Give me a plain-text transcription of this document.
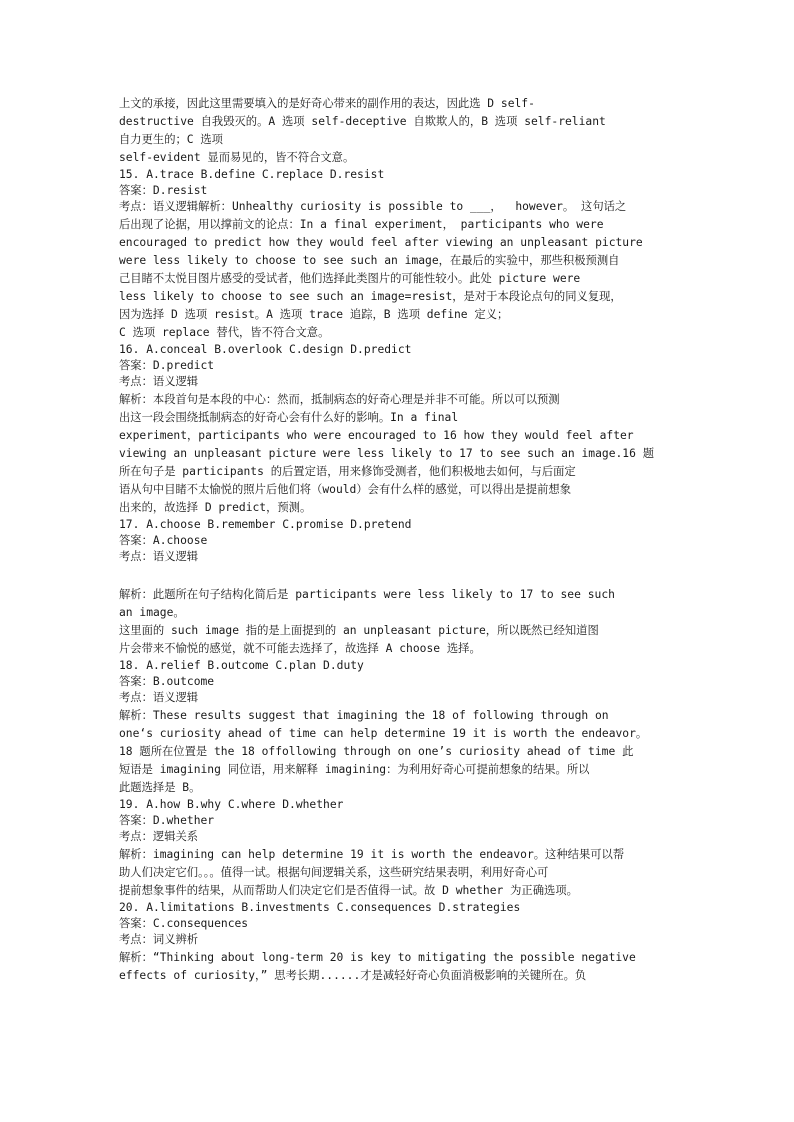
上文的承接，因此这里需要填入的是好奇心带来的副作用的表达，因此选 D self-
destructive 自我毁灭的。A 选项 self-deceptive 自欺欺人的，B 选项 self-reliant
自力更生的；C 选项
self-evident 显而易见的，皆不符合文意。
15. A.trace B.define C.replace D.resist
答案：D.resist
考点：语义逻辑解析：Unhealthy curiosity is possible to ___，  however。 这句话之
后出现了论据，用以撑前文的论点：In a final experiment， participants who were
encouraged to predict how they would feel after viewing an unpleasant picture
were less likely to choose to see such an image，在最后的实验中，那些积极预测自
己目睹不太悦目图片感受的受试者，他们选择此类图片的可能性较小。此处 picture were
less likely to choose to see such an image=resist，是对于本段论点句的同义复现，
因为选择 D 选项 resist。A 选项 trace 追踪，B 选项 define 定义；
C 选项 replace 替代，皆不符合文意。
16. A.conceal B.overlook C.design D.predict
答案：D.predict
考点：语义逻辑
解析：本段首句是本段的中心：然而，抵制病态的好奇心理是并非不可能。所以可以预测
出这一段会围绕抵制病态的好奇心会有什么好的影响。In a final
experiment，participants who were encouraged to 16 how they would feel after
viewing an unpleasant picture were less likely to 17 to see such an image.16 题
所在句子是 participants 的后置定语，用来修饰受测者，他们积极地去如何，与后面定
语从句中目睹不太愉悦的照片后他们将（would）会有什么样的感觉，可以得出是提前想象
出来的，故选择 D predict，预测。
17. A.choose B.remember C.promise D.pretend
答案：A.choose
考点：语义逻辑
解析：此题所在句子结构化简后是 participants were less likely to 17 to see such
an image。
这里面的 such image 指的是上面提到的 an unpleasant picture，所以既然已经知道图
片会带来不愉悦的感觉，就不可能去选择了，故选择 A choose 选择。
18. A.relief B.outcome C.plan D.duty
答案：B.outcome
考点：语义逻辑
解析：These results suggest that imagining the 18 of following through on
one‘s curiosity ahead of time can help determine 19 it is worth the endeavor。
18 题所在位置是 the 18 offollowing through on one’s curiosity ahead of time 此
短语是 imagining 同位语，用来解释 imagining：为利用好奇心可提前想象的结果。所以
此题选择是 B。
19. A.how B.why C.where D.whether
答案：D.whether
考点：逻辑关系
解析：imagining can help determine 19 it is worth the endeavor。这种结果可以帮
助人们决定它们。。。值得一试。根据句间逻辑关系，这些研究结果表明，利用好奇心可
提前想象事件的结果，从而帮助人们决定它们是否值得一试。故 D whether 为正确选项。
20. A.limitations B.investments C.consequences D.strategies
答案：C.consequences
考点：词义辨析
解析：“Thinking about long-term 20 is key to mitigating the possible negative
effects of curiosity，” 思考长期......才是减轻好奇心负面消极影响的关键所在。负
